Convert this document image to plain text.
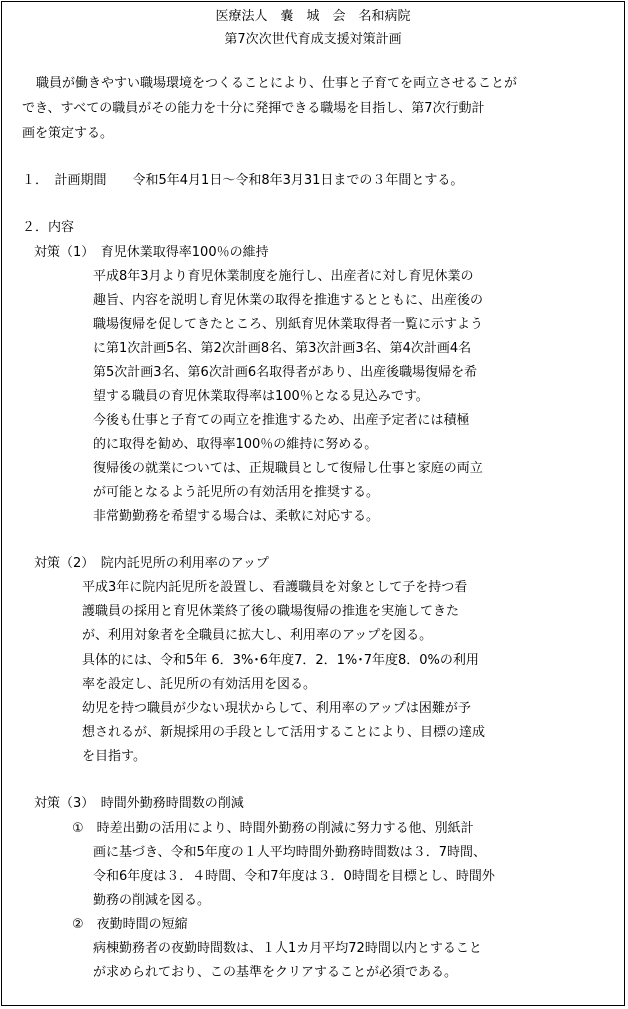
医療法人　嚢　城　会　名和病院
第7次次世代育成支援対策計画
職員が働きやすい職場環境をつくることにより、仕事と子育てを両立させることが
でき、すべての職員がその能力を十分に発揮できる職場を目指し、第7次行動計
画を策定する。
１．　計画期間　　令和5年4月1日～令和8年3月31日までの３年間とする。
２．内容
対策（1）　育児休業取得率100％の維持
平成8年3月より育児休業制度を施行し、出産者に対し育児休業の
趣旨、内容を説明し育児休業の取得を推進するとともに、出産後の
職場復帰を促してきたところ、別紙育児休業取得者一覧に示すよう
に第1次計画5名、第2次計画8名、第3次計画3名、第4次計画4名
第5次計画3名、第6次計画6名取得者があり、出産後職場復帰を希
望する職員の育児休業取得率は100％となる見込みです。
今後も仕事と子育ての両立を推進するため、出産予定者には積極
的に取得を勧め、取得率100％の維持に努める。
復帰後の就業については、正規職員として復帰し仕事と家庭の両立
が可能となるよう託児所の有効活用を推奨する。
非常勤勤務を希望する場合は、柔軟に対応する。
対策（2）　院内託児所の利用率のアップ
平成3年に院内託児所を設置し、看護職員を対象として子を持つ看
護職員の採用と育児休業終了後の職場復帰の推進を実施してきた
が、利用対象者を全職員に拡大し、利用率のアップを図る。
具体的には、令和5年 6．3%･6年度7．2．1%･7年度8．0%の利用
率を設定し、託児所の有効活用を図る。
幼児を持つ職員が少ない現状からして、利用率のアップは困難が予
想されるが、新規採用の手段として活用することにより、目標の達成
を目指す。
対策（3）　時間外勤務時間数の削減
①　時差出勤の活用により、時間外勤務の削減に努力する他、別紙計
画に基づき、令和5年度の１人平均時間外勤務時間数は３．7時間、
令和6年度は３．４時間、令和7年度は３．0時間を目標とし、時間外
勤務の削減を図る。
②　夜勤時間の短縮
病棟勤務者の夜勤時間数は、１人1カ月平均72時間以内とすること
が求められており、この基準をクリアすることが必須である。
